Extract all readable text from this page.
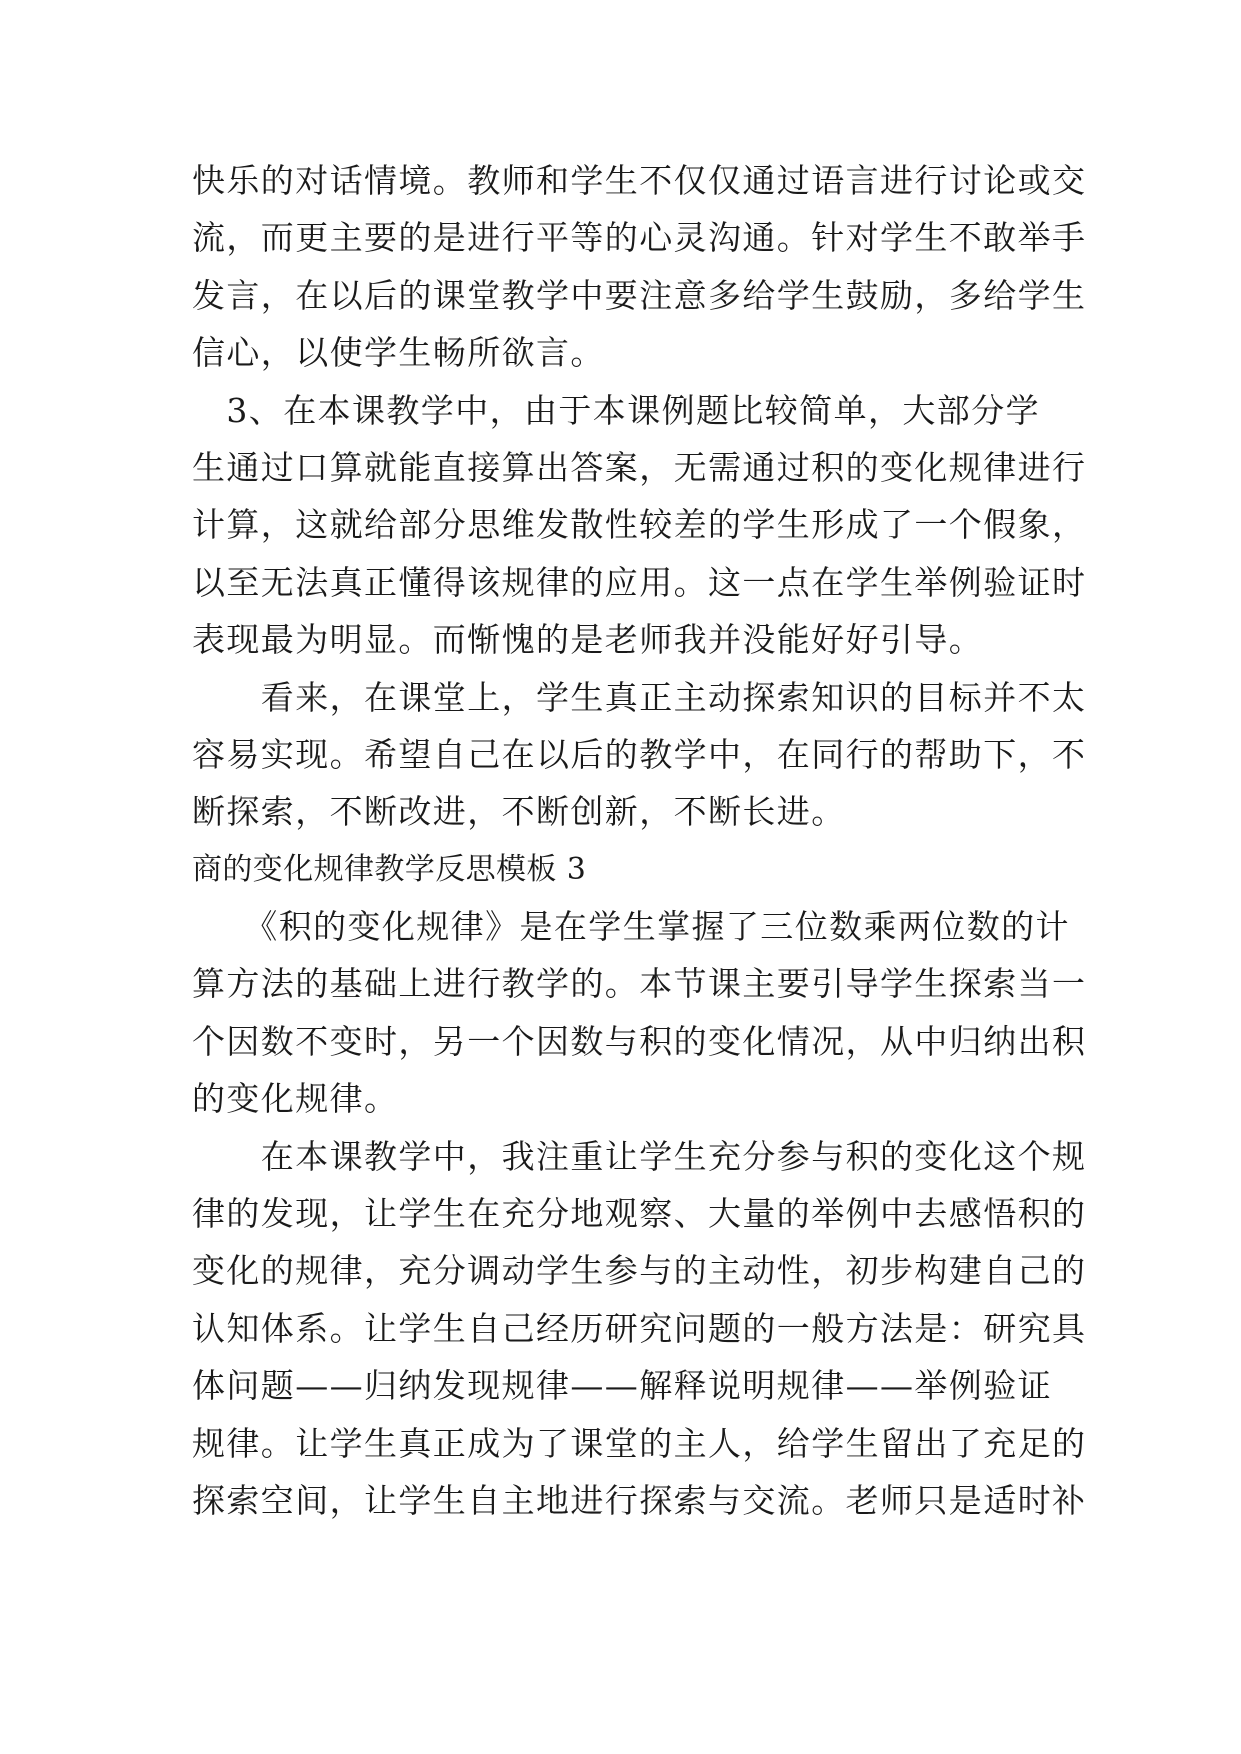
快乐的对话情境。教师和学生不仅仅通过语言进行讨论或交
流，而更主要的是进行平等的心灵沟通。针对学生不敢举手
发言，在以后的课堂教学中要注意多给学生鼓励，多给学生
信心，以使学生畅所欲言。
　3、在本课教学中，由于本课例题比较简单，大部分学
生通过口算就能直接算出答案，无需通过积的变化规律进行
计算，这就给部分思维发散性较差的学生形成了一个假象，
以至无法真正懂得该规律的应用。这一点在学生举例验证时
表现最为明显。而惭愧的是老师我并没能好好引导。
　　看来，在课堂上，学生真正主动探索知识的目标并不太
容易实现。希望自己在以后的教学中，在同行的帮助下，不
断探索，不断改进，不断创新，不断长进。
商的变化规律教学反思模板 3
　　《积的变化规律》是在学生掌握了三位数乘两位数的计
算方法的基础上进行教学的。本节课主要引导学生探索当一
个因数不变时，另一个因数与积的变化情况，从中归纳出积
的变化规律。
　　在本课教学中，我注重让学生充分参与积的变化这个规
律的发现，让学生在充分地观察、大量的举例中去感悟积的
变化的规律，充分调动学生参与的主动性，初步构建自己的
认知体系。让学生自己经历研究问题的一般方法是：研究具
体问题——归纳发现规律——解释说明规律——举例验证
规律。让学生真正成为了课堂的主人，给学生留出了充足的
探索空间，让学生自主地进行探索与交流。老师只是适时补
